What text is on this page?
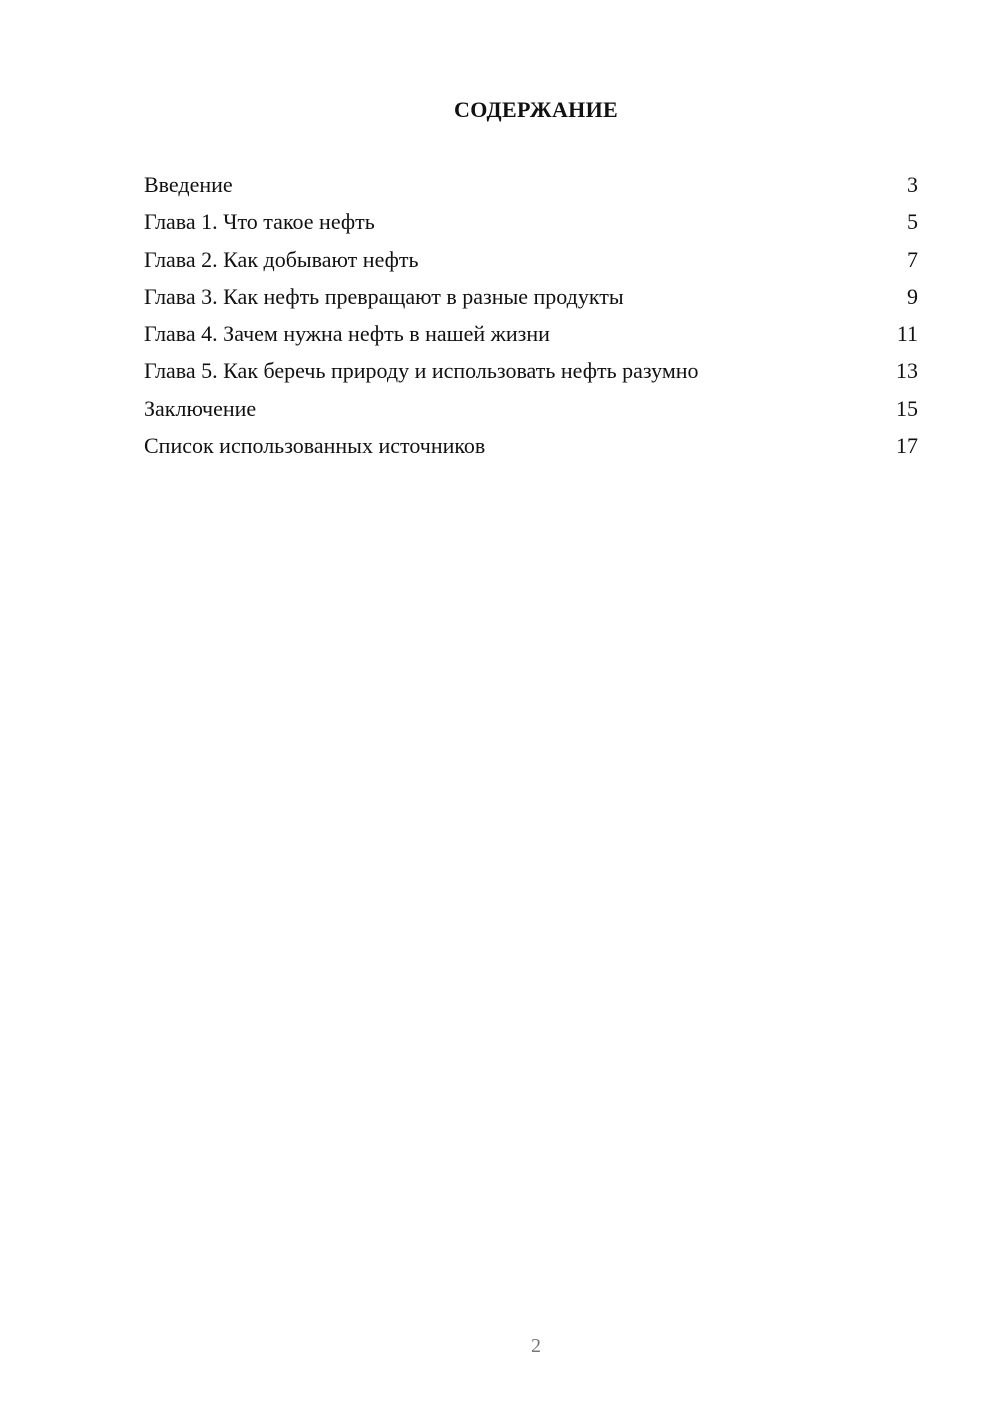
СОДЕРЖАНИЕ
Введение	3
Глава 1. Что такое нефть	5
Глава 2. Как добывают нефть	7
Глава 3. Как нефть превращают в разные продукты	9
Глава 4. Зачем нужна нефть в нашей жизни	11
Глава 5. Как беречь природу и использовать нефть разумно	13
Заключение	15
Список использованных источников	17
2
